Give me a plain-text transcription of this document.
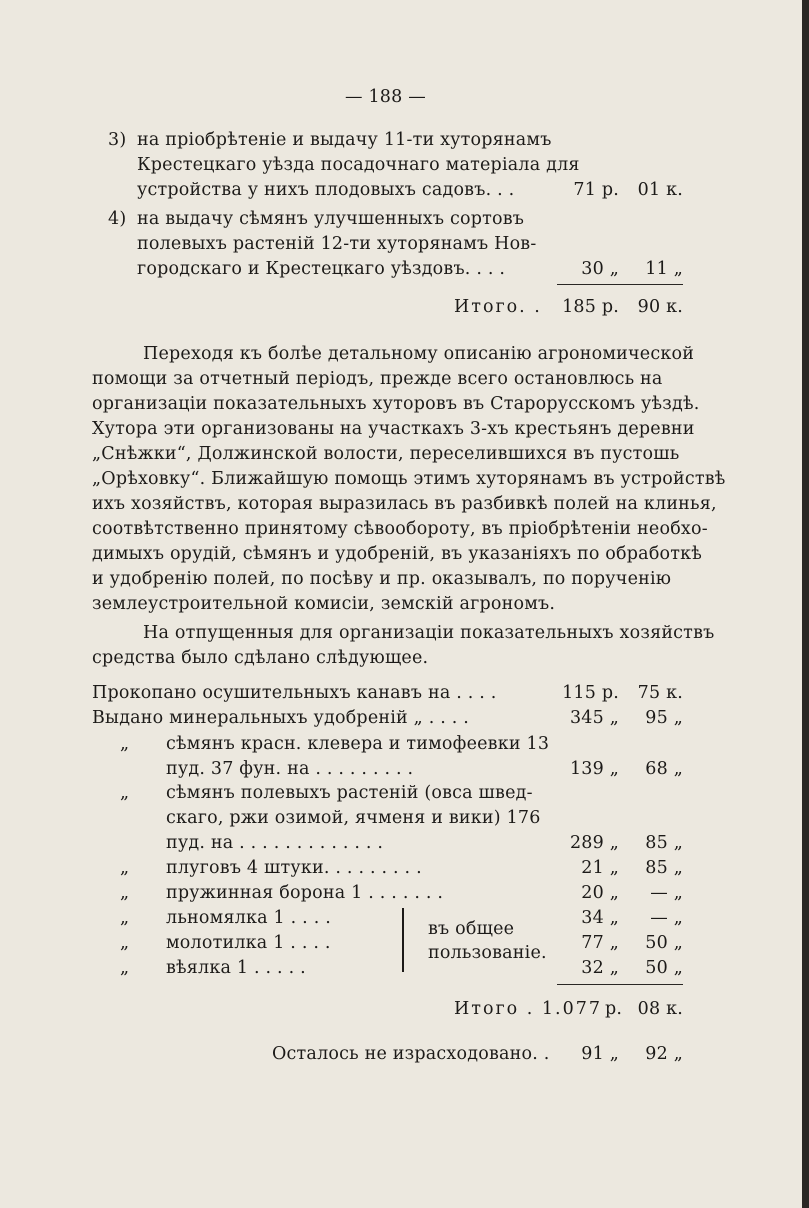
— 188 —
3) на пріобрѣтеніе и выдачу 11-ти хуторянамъ
Крестецкаго уѣзда посадочнаго матеріала для
устройства у нихъ плодовыхъ садовъ. . .	71 р. 01 к.
4) на выдачу сѣмянъ улучшенныхъ сортовъ
полевыхъ растеній 12-ти хуторянамъ Нов-
городскаго и Крестецкаго уѣздовъ. . . .	30 „ 11 „
Итого. . 185 р. 90 к.
Переходя къ болѣе детальному описанію агрономической
помощи за отчетный періодъ, прежде всего остановлюсь на
организаціи показательныхъ хуторовъ въ Старорусскомъ уѣздѣ.
Хутора эти организованы на участкахъ 3-хъ крестьянъ деревни
„Снѣжки“, Должинской волости, переселившихся въ пустошь
„Орѣховку“. Ближайшую помощь этимъ хуторянамъ въ устройствѣ
ихъ хозяйствъ, которая выразилась въ разбивкѣ полей на клинья,
соотвѣтственно принятому сѣвообороту, въ пріобрѣтеніи необхо-
димыхъ орудій, сѣмянъ и удобреній, въ указаніяхъ по обработкѣ
и удобренію полей, по посѣву и пр. оказывалъ, по порученію
землеустроительной комисіи, земскій агрономъ.
На отпущенныя для организаціи показательныхъ хозяйствъ
средства было сдѣлано слѣдующее.
Прокопано осушительныхъ канавъ на . . . .	115 р. 75 к.
Выдано минеральныхъ удобреній „ . . . .	345 „ 95 „
„ сѣмянъ красн. клевера и тимофеевки 13
пуд. 37 фун. на . . . . . . . . .	139 „ 68 „
„ сѣмянъ полевыхъ растеній (овса швед-
скаго, ржи озимой, ячменя и вики) 176
пуд. на . . . . . . . . . . . . .	289 „ 85 „
„ плуговъ 4 штуки. . . . . . . . .	21 „ 85 „
„ пружинная борона 1 . . . . . . .	20 „ — „
„ льномялка 1 . . . .	34 „ — „
„ молотилка 1 . . . .	77 „ 50 „
„ вѣялка 1 . . . . .	32 „ 50 „
въ общее
пользованіе.
Итого . 1.077 р. 08 к.
Осталось не израсходовано. . 91 „ 92 „
